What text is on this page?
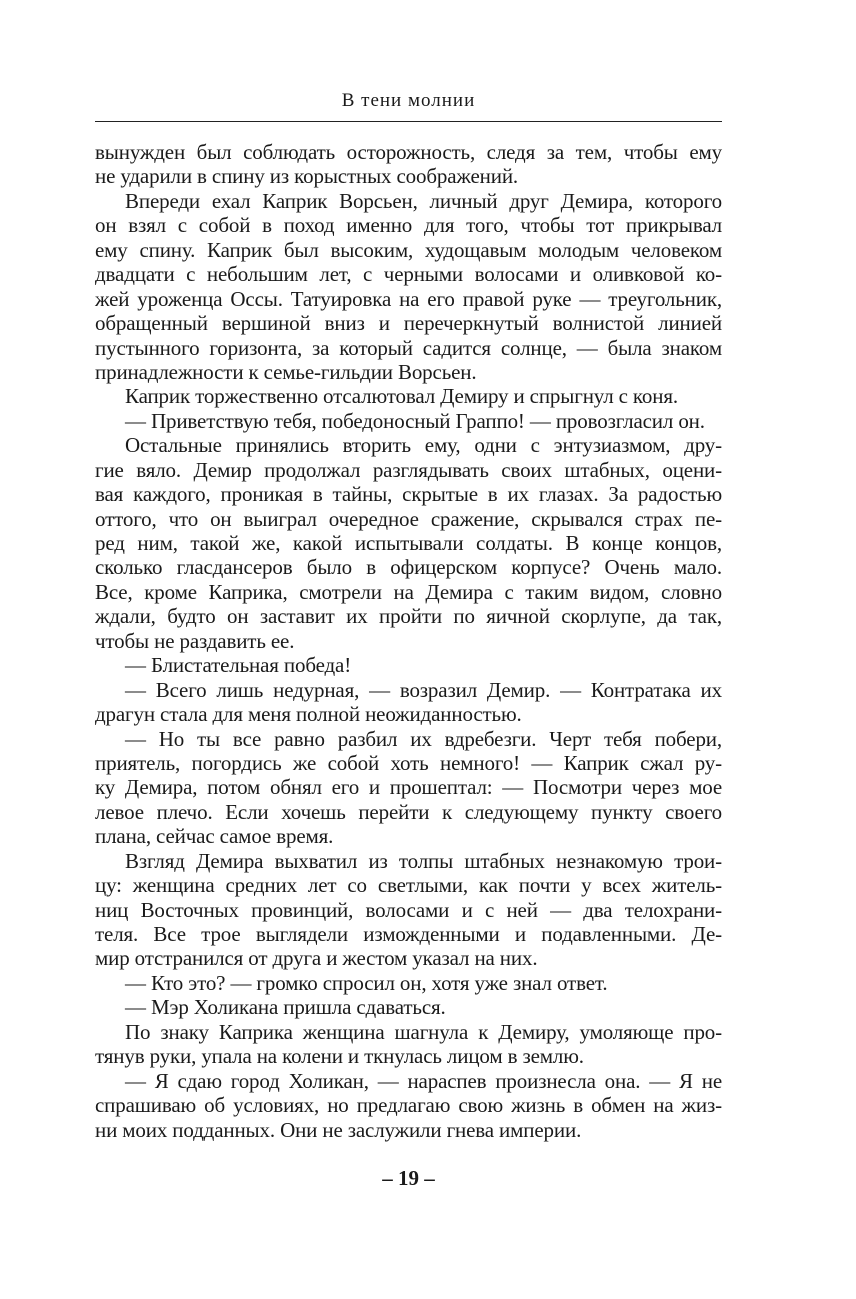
В тени молнии
вынужден был соблюдать осторожность, следя за тем, чтобы ему
не ударили в спину из корыстных соображений.
Впереди ехал Каприк Ворсьен, личный друг Демира, которого
он взял с собой в поход именно для того, чтобы тот прикрывал
ему спину. Каприк был высоким, худощавым молодым человеком
двадцати с небольшим лет, с черными волосами и оливковой ко-
жей уроженца Оссы. Татуировка на его правой руке — треугольник,
обращенный вершиной вниз и перечеркнутый волнистой линией
пустынного горизонта, за который садится солнце, — была знаком
принадлежности к семье-гильдии Ворсьен.
Каприк торжественно отсалютовал Демиру и спрыгнул с коня.
— Приветствую тебя, победоносный Граппо! — провозгласил он.
Остальные принялись вторить ему, одни с энтузиазмом, дру-
гие вяло. Демир продолжал разглядывать своих штабных, оцени-
вая каждого, проникая в тайны, скрытые в их глазах. За радостью
оттого, что он выиграл очередное сражение, скрывался страх пе-
ред ним, такой же, какой испытывали солдаты. В конце концов,
сколько гласдансеров было в офицерском корпусе? Очень мало.
Все, кроме Каприка, смотрели на Демира с таким видом, словно
ждали, будто он заставит их пройти по яичной скорлупе, да так,
чтобы не раздавить ее.
— Блистательная победа!
— Всего лишь недурная, — возразил Демир. — Контратака их
драгун стала для меня полной неожиданностью.
— Но ты все равно разбил их вдребезги. Черт тебя побери,
приятель, погордись же собой хоть немного! — Каприк сжал ру-
ку Демира, потом обнял его и прошептал: — Посмотри через мое
левое плечо. Если хочешь перейти к следующему пункту своего
плана, сейчас самое время.
Взгляд Демира выхватил из толпы штабных незнакомую трои-
цу: женщина средних лет со светлыми, как почти у всех житель-
ниц Восточных провинций, волосами и с ней — два телохрани-
теля. Все трое выглядели изможденными и подавленными. Де-
мир отстранился от друга и жестом указал на них.
— Кто это? — громко спросил он, хотя уже знал ответ.
— Мэр Холикана пришла сдаваться.
По знаку Каприка женщина шагнула к Демиру, умоляюще про-
тянув руки, упала на колени и ткнулась лицом в землю.
— Я сдаю город Холикан, — нараспев произнесла она. — Я не
спрашиваю об условиях, но предлагаю свою жизнь в обмен на жиз-
ни моих подданных. Они не заслужили гнева империи.
– 19 –
